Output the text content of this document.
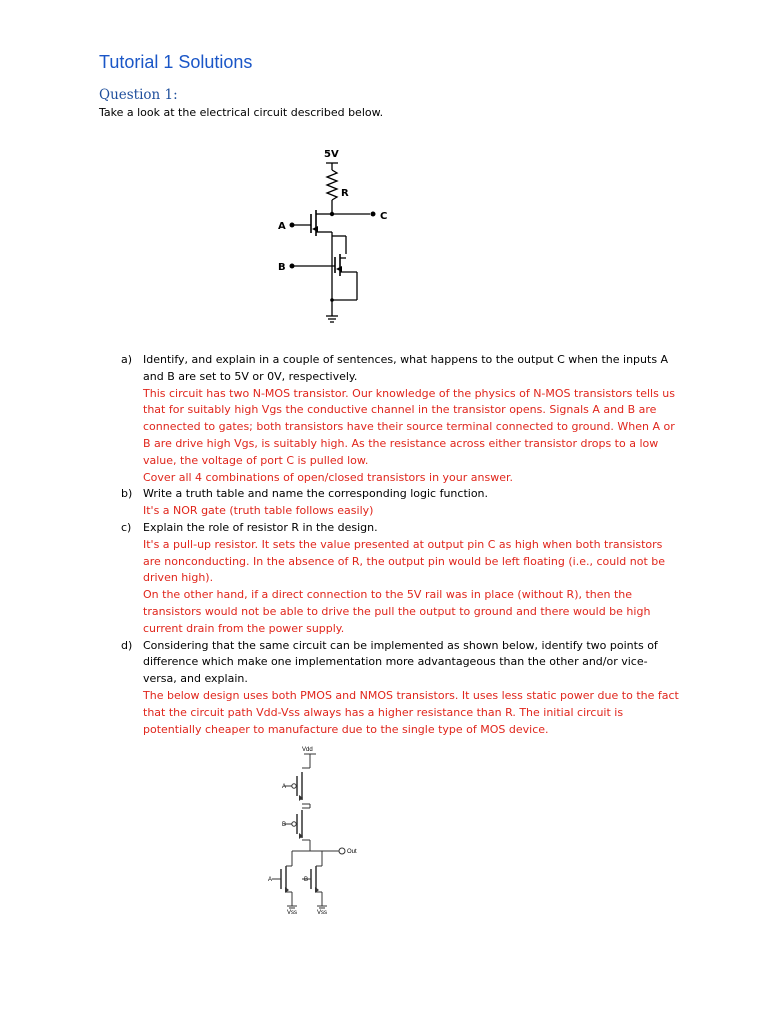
Tutorial 1 Solutions
Question 1:
Take a look at the electrical circuit described below.
5V
R
A
B
C
a) Identify, and explain in a couple of sentences, what happens to the output C when the inputs A and B are set to 5V or 0V, respectively.
This circuit has two N-MOS transistor. Our knowledge of the physics of N-MOS transistors tells us that for suitably high Vgs the conductive channel in the transistor opens. Signals A and B are connected to gates; both transistors have their source terminal connected to ground. When A or B are drive high Vgs, is suitably high. As the resistance across either transistor drops to a low value, the voltage of port C is pulled low.
Cover all 4 combinations of open/closed transistors in your answer.
b) Write a truth table and name the corresponding logic function.
It's a NOR gate (truth table follows easily)
c) Explain the role of resistor R in the design.
It's a pull-up resistor. It sets the value presented at output pin C as high when both transistors are nonconducting. In the absence of R, the output pin would be left floating (i.e., could not be driven high).
On the other hand, if a direct connection to the 5V rail was in place (without R), then the transistors would not be able to drive the pull the output to ground and there would be high current drain from the power supply.
d) Considering that the same circuit can be implemented as shown below, identify two points of difference which make one implementation more advantageous than the other and/or vice-versa, and explain.
The below design uses both PMOS and NMOS transistors. It uses less static power due to the fact that the circuit path Vdd-Vss always has a higher resistance than R. The initial circuit is potentially cheaper to manufacture due to the single type of MOS device.
Vdd
A
B
Out
A	B
Vss	Vss
